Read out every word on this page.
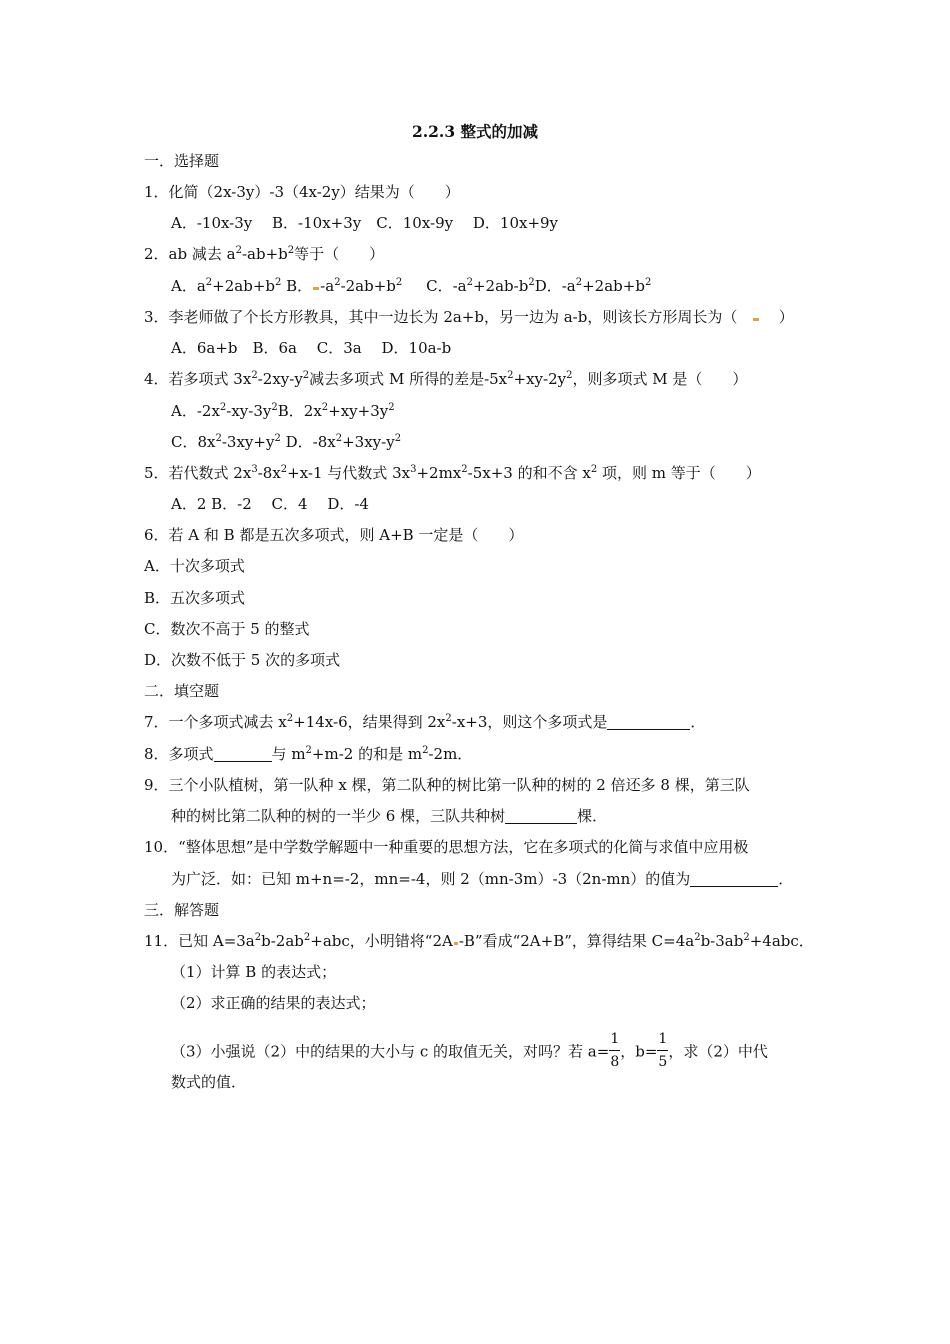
2.2.3 整式的加减
一．选择题
1．化简（2x-3y）-3（4x-2y）结果为（　　）
A．-10x-3y　 B．-10x+3y　C．10x-9y　 D．10x+9y
2．ab 减去 $a^2-ab+b^2$等于（　　）
A．$a^2+2ab+b^2$ B． $-a^2-2ab+b^2$ C．$-a^2+2ab-b^2D$．$-a^2+2ab+b^2$
3．李老师做了个长方形教具，其中一边长为 2a+b，另一边为 a-b，则该长方形周长为（	）
A．6a+b　B．6a　 C．3a　 D．10a-b
4．若多项式 $3x^2-2xy-y^2$减去多项式 M 所得的差是$-5x^2+xy-2y^2$，则多项式 M 是（　　）
A．$-2x^2-xy-3y^2B$．$2x^2+xy+3y^2$
C．$8x^2-3xy+y^2$ D．$-8x^2+3xy-y^2$
5．若代数式 $2x^3-8x^2+x-1$ 与代数式 $3x^3+2mx^2-5x+3$ 的和不含 $x^2$ 项，则 m 等于（　　）
A．2 B．-2　 C．4　 D．-4
6．若 A 和 B 都是五次多项式，则 A+B 一定是（　　）
A．十次多项式
B．五次多项式
C．数次不高于 5 的整式
D．次数不低于 5 次的多项式
二．填空题
7．一个多项式减去 $x^2+14x-6$，结果得到 $2x^2-x+3$，则这个多项式是	．
8．多项式	与 $m^2+m-2$ 的和是 $m^2-2m$．
9．三个小队植树，第一队种 x 棵，第二队种的树比第一队种的树的 2 倍还多 8 棵，第三队
种的树比第二队种的树的一半少 6 棵，三队共种树	棵．
10．“整体思想”是中学数学解题中一种重要的思想方法，它在多项式的化简与求值中应用极
为广泛．如：已知 m+n=-2，mn=-4，则 2（mn-3m）-3（2n-mn）的值为	．
三．解答题
11．已知 $A=3a^2b-2ab^2+abc$，小明错将“2A -B”看成“2A+B”，算得结果 $C=4a^2b-3ab^2+4abc$．
（1）计算 B 的表达式；
（2）求正确的结果的表达式；
（3）小强说（2）中的结果的大小与 c 的取值无关，对吗？若 $a= \frac{1}{8}$ ，$b= \frac{1}{5}$ ，求（2）中代
数式的值．
